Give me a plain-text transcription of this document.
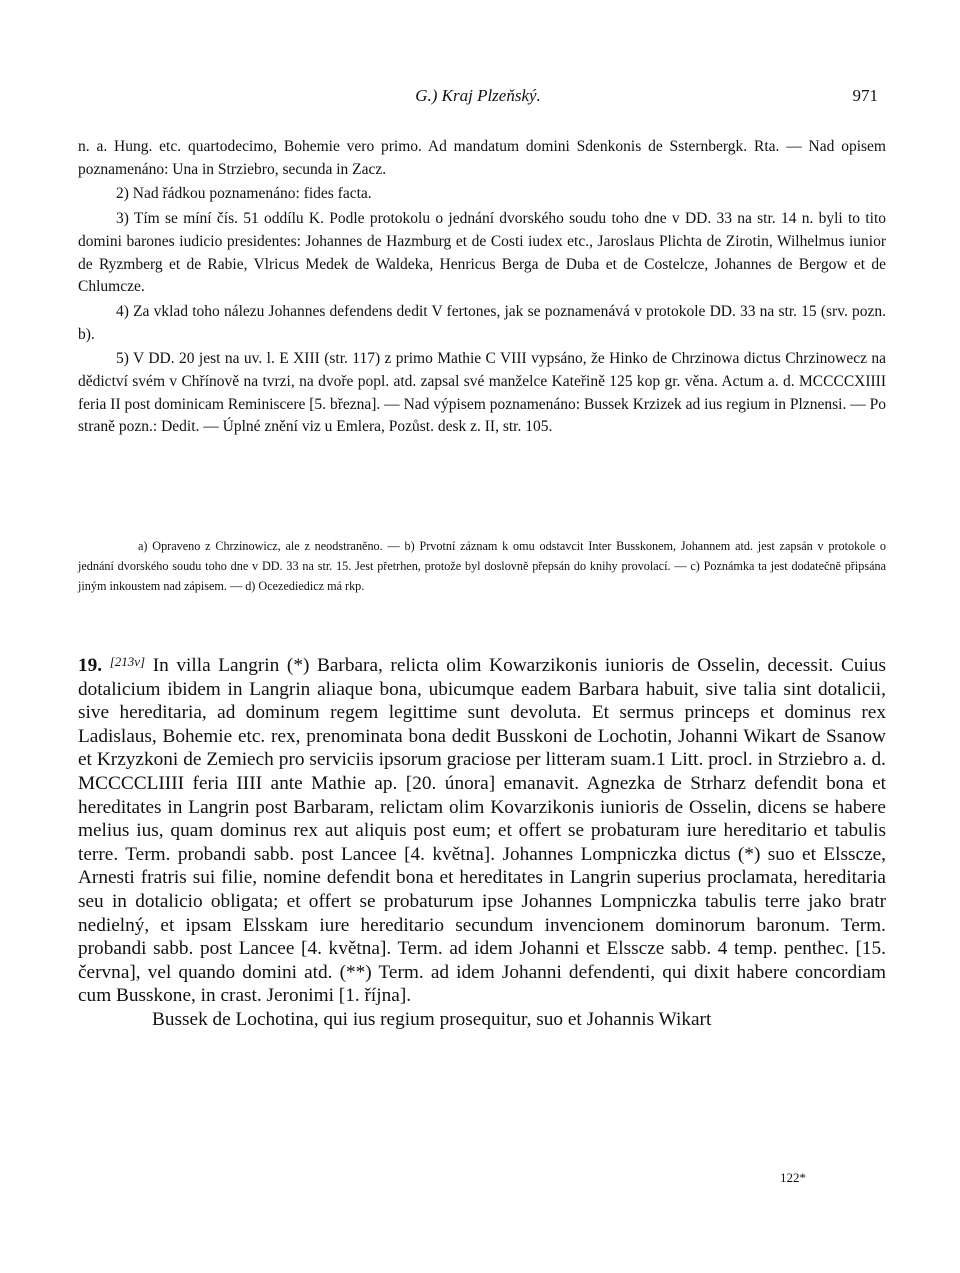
G.) Kraj Plzeňský.	971

n. a. Hung. etc. quartodecimo, Bohemie vero primo. Ad mandatum domini Sdenkonis de Ssternbergk. Rta. — Nad opisem poznamenáno: Una in Strziebro, secunda in Zacz.

2) Nad řádkou poznamenáno: fides facta.

3) Tím se míní čís. 51 oddílu K. Podle protokolu o jednání dvorského soudu toho dne v DD. 33 na str. 14 n. byli to tito domini barones iudicio presidentes: Johannes de Hazmburg et de Costi iudex etc., Jaroslaus Plichta de Zirotin, Wilhelmus iunior de Ryzmberg et de Rabie, Vlricus Medek de Waldeka, Henricus Berga de Duba et de Costelcze, Johannes de Bergow et de Chlumcze.

4) Za vklad toho nálezu Johannes defendens dedit V fertones, jak se poznamenává v protokole DD. 33 na str. 15 (srv. pozn. b).

5) V DD. 20 jest na uv. l. E XIII (str. 117) z primo Mathie C VIII vypsáno, že Hinko de Chrzinowa dictus Chrzinowecz na dědictví svém v Chřínově na tvrzi, na dvoře popl. atd. zapsal své manželce Kateřině 125 kop gr. věna. Actum a. d. MCCCCXIIII feria II post dominicam Reminiscere [5. března]. — Nad výpisem poznamenáno: Bussek Krzizek ad ius regium in Plznensi. — Po straně pozn.: Dedit. — Úplné znění viz u Emlera, Pozůst. desk z. II, str. 105.

a) Opraveno z Chrzinowicz, ale z neodstraněno. — b) Prvotní záznam k omu odstavcit Inter Busskonem, Johannem atd. jest zapsán v protokole o jednání dvorského soudu toho dne v DD. 33 na str. 15. Jest přetrhen, protože byl doslovně přepsán do knihy provolací. — c) Poznámka ta jest dodatečně připsána jiným inkoustem nad zápisem. — d) Ocezediedicz má rkp.

19. [213v] In villa Langrin (*) Barbara, relicta olim Kowarzikonis iunioris de Osselin, decessit. Cuius dotalicium ibidem in Langrin aliaque bona, ubicumque eadem Barbara habuit, sive talia sint dotalicii, sive hereditaria, ad dominum regem legittime sunt devoluta. Et sermus princeps et dominus rex Ladislaus, Bohemie etc. rex, prenominata bona dedit Busskoni de Lochotin, Johanni Wikart de Ssanow et Krzyzkoni de Zemiech pro serviciis ipsorum graciose per litteram suam.1 Litt. procl. in Strziebro a. d. MCCCCLIIII feria IIII ante Mathie ap. [20. února] emanavit. Agnezka de Strharz defendit bona et hereditates in Langrin post Barbaram, relictam olim Kovarzikonis iunioris de Osselin, dicens se habere melius ius, quam dominus rex aut aliquis post eum; et offert se probaturam iure hereditario et tabulis terre. Term. probandi sabb. post Lancee [4. května]. Johannes Lompniczka dictus (*) suo et Elsscze, Arnesti fratris sui filie, nomine defendit bona et hereditates in Langrin superius proclamata, hereditaria seu in dotalicio obligata; et offert se probaturum ipse Johannes Lompniczka tabulis terre jako bratr nedielný, et ipsam Elsskam iure hereditario secundum invencionem dominorum baronum. Term. probandi sabb. post Lancee [4. května]. Term. ad idem Johanni et Elsscze sabb. 4 temp. penthec. [15. června], vel quando domini atd. (**) Term. ad idem Johanni defendenti, qui dixit habere concordiam cum Busskone, in crast. Jeronimi [1. října].

Bussek de Lochotina, qui ius regium prosequitur, suo et Johannis Wikart

122*
